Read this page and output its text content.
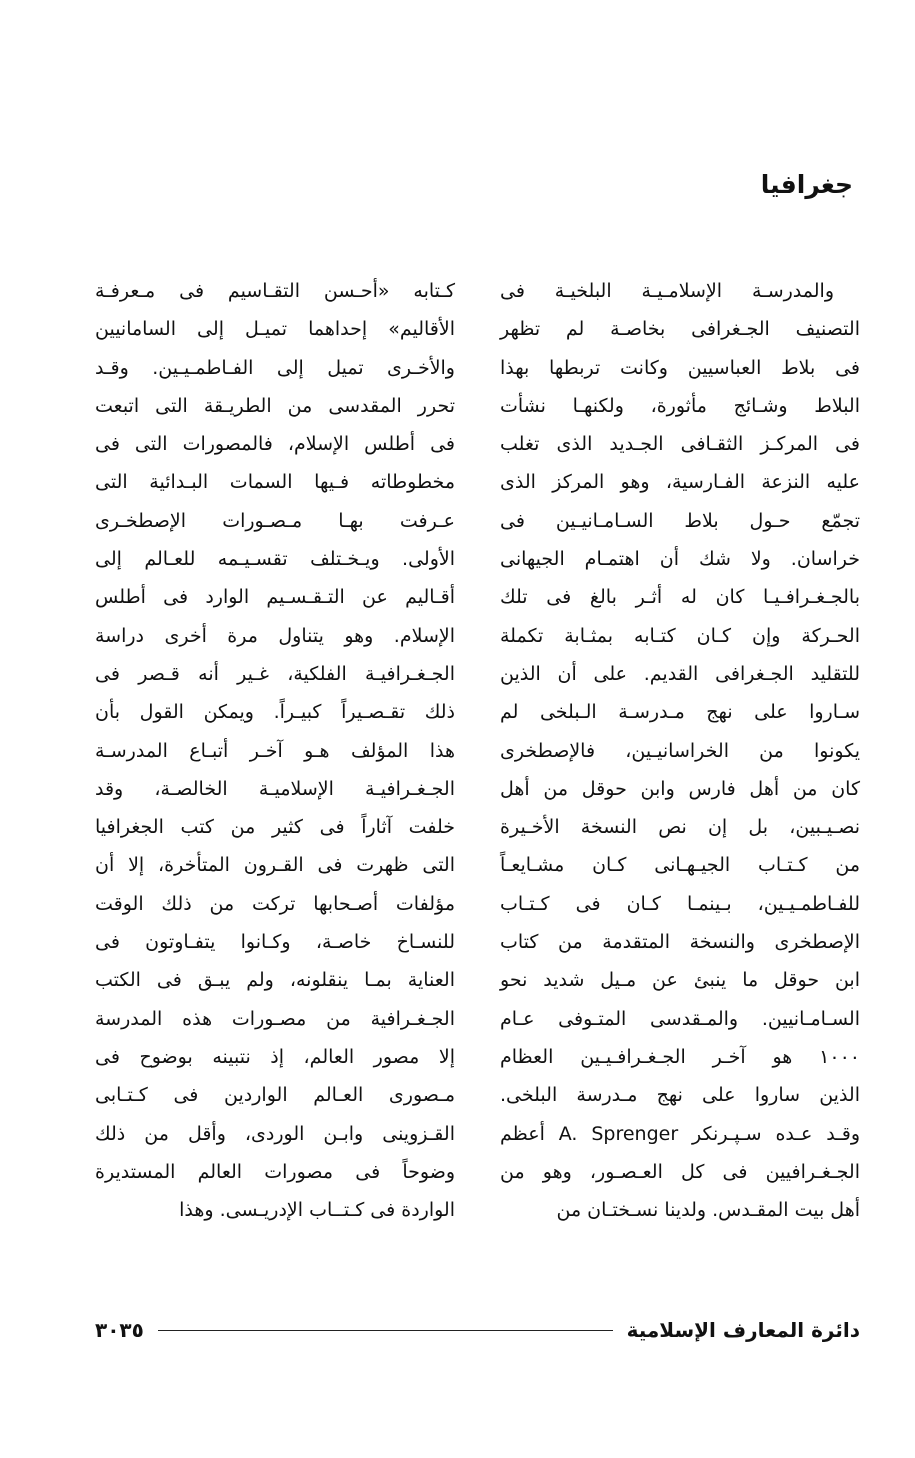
جغرافيا
والمدرسـة الإسلامـيـة البلخيـة فى
التصنيف الجـغرافى بخاصـة لم تظهر
فى بلاط العباسيين وكانت تربطها بهذا
البلاط وشـائج مأثورة، ولكنهـا نشأت
فى المركـز الثقـافى الجـديد الذى تغلب
عليه النزعة الفـارسية، وهو المركز الذى
تجمّع حـول بلاط السـامـانيـين فى
خراسان. ولا شك أن اهتمـام الجيهانى
بالجـغـرافـيـا كان له أثـر بالغ فى تلك
الحـركة وإن كـان كتـابه بمثـابة تكملة
للتقليد الجـغرافى القديم. على أن الذين
سـاروا على نهج مـدرسـة الـبلخى لم
يكونوا من الخراسانيـين، فالإصطخرى
كان من أهل فارس وابن حوقل من أهل
نصـيـبين، بل إن نص النسخة الأخـيرة
من كـتـاب الجيـهـانى كـان مشـايعـاً
للفـاطمـيـين، بـينمـا كـان فى كـتـاب
الإصطخرى والنسخة المتقدمة من كتاب
ابن حوقل ما ينبئ عن مـيل شديد نحو
السـامـانيين. والمـقدسى المتـوفى عـام
١٠٠٠ هو آخـر الجـغـرافـيـين العظام
الذين ساروا على نهج مـدرسة البلخى.
وقـد عـده سـپـرنكر A. Sprenger أعظم
الجـغـرافيين فى كل العـصـور، وهو من
أهل بيت المقـدس. ولدينا نسـختـان من
كـتابه «أحـسن التقـاسيم فى مـعرفـة
الأقاليم» إحداهما تميـل إلى السامانيين
والأخـرى تميل إلى الفـاطمـيـين. وقـد
تحرر المقدسى من الطريـقة التى اتبعت
فى أطلس الإسلام، فالمصورات التى فى
مخطوطاته فـيها السمات البـدائية التى
عـرفت بهـا مـصـورات الإصطخـرى
الأولى. ويـخـتلف تقسـيـمه للعـالم إلى
أقـاليم عن التـقـسـيم الوارد فى أطلس
الإسلام. وهو يتناول مرة أخرى دراسة
الجـغـرافيـة الفلكية، غـير أنه قـصر فى
ذلك تقـصـيراً كبيـراً. ويمكن القول بأن
هذا المؤلف هـو آخـر أتبـاع المدرسـة
الجـغـرافيـة الإسلاميـة الخالصـة، وقد
خلفت آثاراً فى كثير من كتب الجغرافيا
التى ظهرت فى القـرون المتأخرة، إلا أن
مؤلفات أصـحابها تركت من ذلك الوقت
للنسـاخ خاصـة، وكـانوا يتفـاوتون فى
العناية بمـا ينقلونه، ولم يبـق فى الكتب
الجـغـرافية من مصـورات هذه المدرسة
إلا مصور العالم، إذ نتبينه بوضوح فى
مـصورى العـالم الواردين فى كـتـابى
القـزوينى وابـن الوردى، وأقل من ذلك
وضوحاً فى مصورات العالم المستديرة
الواردة فى كـتــاب الإدريـسى. وهذا
دائرة المعارف الإسلامية
٣٠٣٥
